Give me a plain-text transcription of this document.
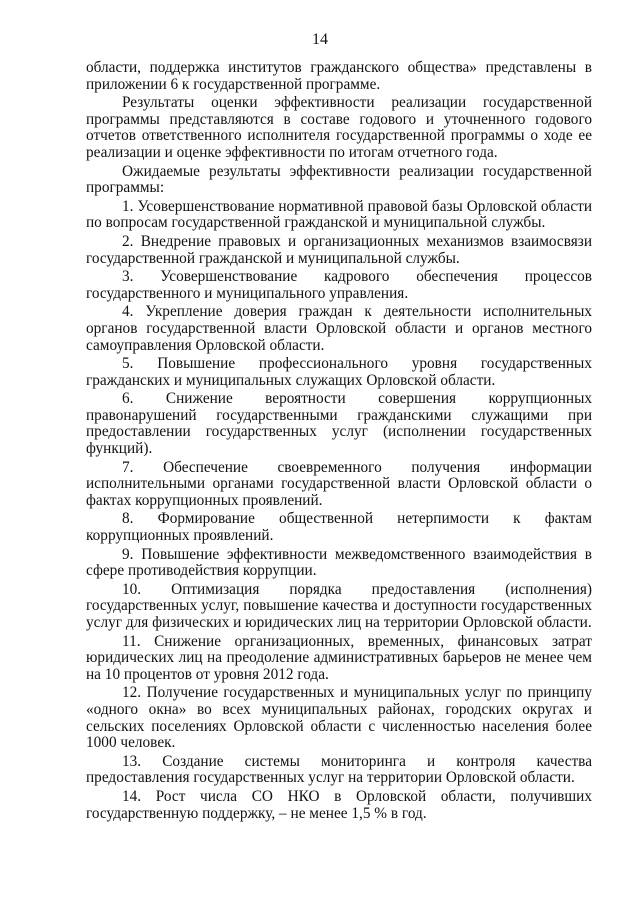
14

области, поддержка институтов гражданского общества» представлены в приложении 6 к государственной программе.

Результаты оценки эффективности реализации государственной программы представляются в составе годового и уточненного годового отчетов ответственного исполнителя государственной программы о ходе ее реализации и оценке эффективности по итогам отчетного года.

Ожидаемые результаты эффективности реализации государственной программы:

1. Усовершенствование нормативной правовой базы Орловской области по вопросам государственной гражданской и муниципальной службы.

2. Внедрение правовых и организационных механизмов взаимосвязи государственной гражданской и муниципальной службы.

3. Усовершенствование кадрового обеспечения процессов государственного и муниципального управления.

4. Укрепление доверия граждан к деятельности исполнительных органов государственной власти Орловской области и органов местного самоуправления Орловской области.

5. Повышение профессионального уровня государственных гражданских и муниципальных служащих Орловской области.

6. Снижение вероятности совершения коррупционных правонарушений государственными гражданскими служащими при предоставлении государственных услуг (исполнении государственных функций).

7. Обеспечение своевременного получения информации исполнительными органами государственной власти Орловской области о фактах коррупционных проявлений.

8. Формирование общественной нетерпимости к фактам коррупционных проявлений.

9. Повышение эффективности межведомственного взаимодействия в сфере противодействия коррупции.

10. Оптимизация порядка предоставления (исполнения) государственных услуг, повышение качества и доступности государственных услуг для физических и юридических лиц на территории Орловской области.

11. Снижение организационных, временных, финансовых затрат юридических лиц на преодоление административных барьеров не менее чем на 10 процентов от уровня 2012 года.

12. Получение государственных и муниципальных услуг по принципу «одного окна» во всех муниципальных районах, городских округах и сельских поселениях Орловской области с численностью населения более 1000 человек.

13. Создание системы мониторинга и контроля качества предоставления государственных услуг на территории Орловской области.

14. Рост числа СО НКО в Орловской области, получивших государственную поддержку, – не менее 1,5 % в год.
